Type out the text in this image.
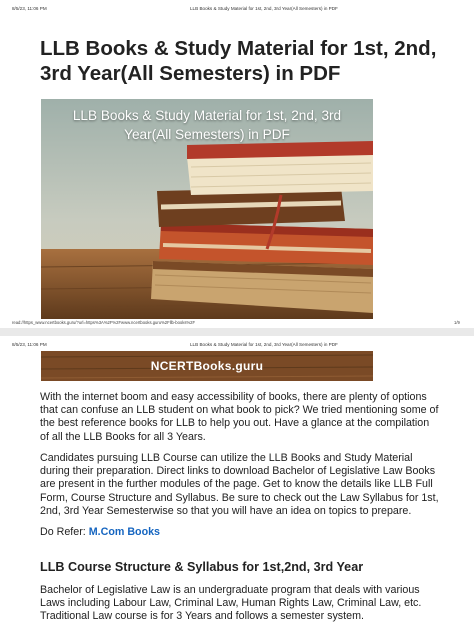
8/5/23, 11:06 PM	LLB Books & Study Material for 1st, 2nd, 3rd Year(All Semesters) in PDF
LLB Books & Study Material for 1st, 2nd, 3rd Year(All Semesters) in PDF
LLB Books & Study Material for 1st, 2nd, 3rd
Year(All Semesters) in PDF
read://https_www.ncertbooks.guru/?url=https%3A%2F%2Fwww.ncertbooks.guru%2Fllb-books%2F	1/9
8/5/23, 11:06 PM	LLB Books & Study Material for 1st, 2nd, 3rd Year(All Semesters) in PDF
NCERTBooks.guru

With the internet boom and easy accessibility of books, there are plenty of options that can confuse an LLB student on what book to pick? We tried mentioning some of the best reference books for LLB to help you out. Have a glance at the compilation of all the LLB Books for all 3 Years.

Candidates pursuing LLB Course can utilize the LLB Books and Study Material during their preparation. Direct links to download Bachelor of Legislative Law Books are present in the further modules of the page. Get to know the details like LLB Full Form, Course Structure and Syllabus. Be sure to check out the Law Syllabus for 1st, 2nd, 3rd Year Semesterwise so that you will have an idea on topics to prepare.

Do Refer: M.Com Books

LLB Course Structure & Syllabus for 1st,2nd, 3rd Year

Bachelor of Legislative Law is an undergraduate program that deals with various Laws including Labour Law, Criminal Law, Human Rights Law, Criminal Law, etc. Traditional Law course is for 3 Years and follows a semester system.
